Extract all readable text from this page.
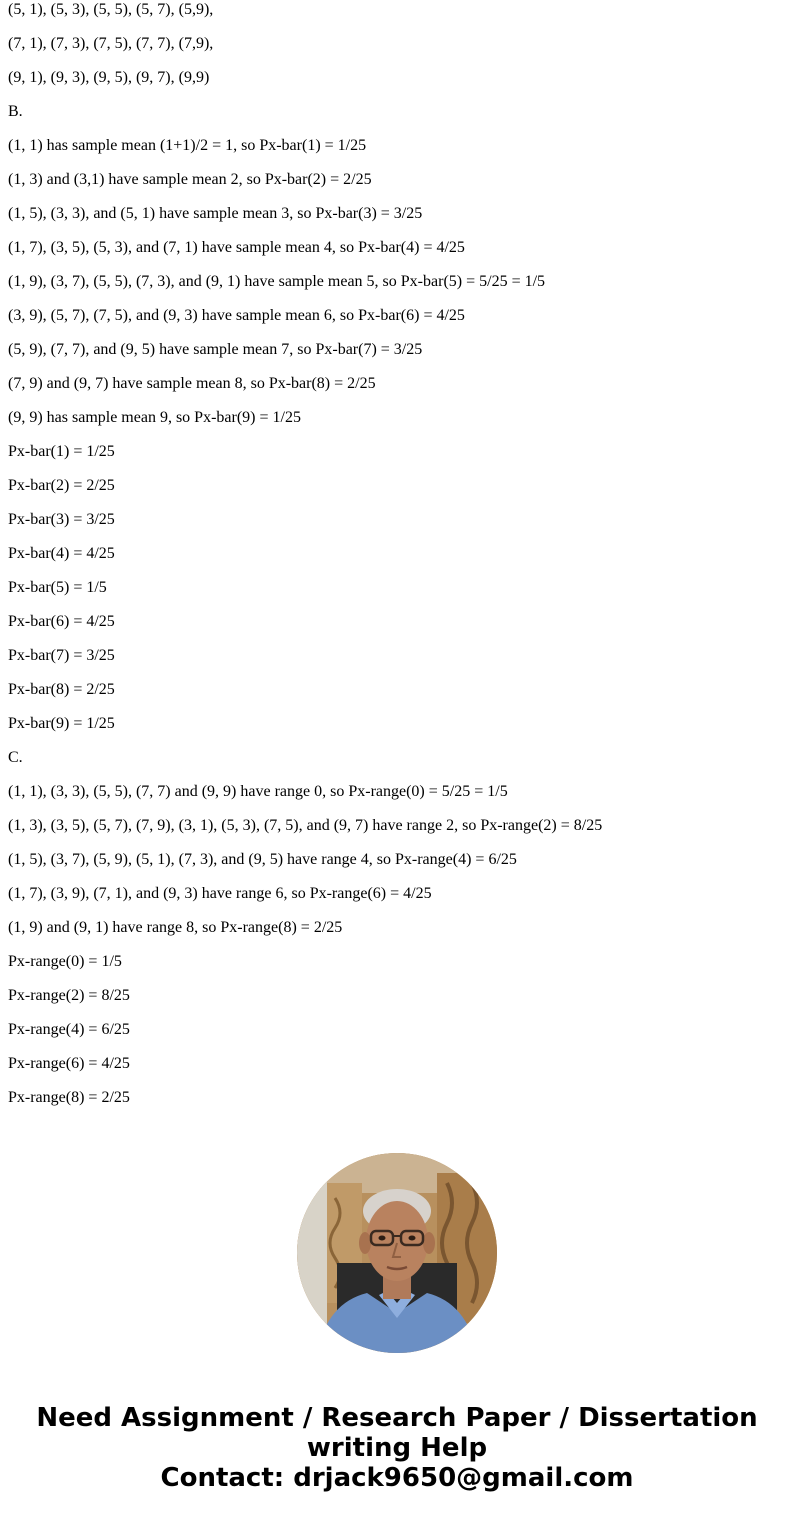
(5, 1), (5, 3), (5, 5), (5, 7), (5,9),
(7, 1), (7, 3), (7, 5), (7, 7), (7,9),
(9, 1), (9, 3), (9, 5), (9, 7), (9,9)
B.
(1, 1) has sample mean (1+1)/2 = 1, so Px-bar(1) = 1/25
(1, 3) and (3,1) have sample mean 2, so Px-bar(2) = 2/25
(1, 5), (3, 3), and (5, 1) have sample mean 3, so Px-bar(3) = 3/25
(1, 7), (3, 5), (5, 3), and (7, 1) have sample mean 4, so Px-bar(4) = 4/25
(1, 9), (3, 7), (5, 5), (7, 3), and (9, 1) have sample mean 5, so Px-bar(5) = 5/25 = 1/5
(3, 9), (5, 7), (7, 5), and (9, 3) have sample mean 6, so Px-bar(6) = 4/25
(5, 9), (7, 7), and (9, 5) have sample mean 7, so Px-bar(7) = 3/25
(7, 9) and (9, 7) have sample mean 8, so Px-bar(8) = 2/25
(9, 9) has sample mean 9, so Px-bar(9) = 1/25
Px-bar(1) = 1/25
Px-bar(2) = 2/25
Px-bar(3) = 3/25
Px-bar(4) = 4/25
Px-bar(5) = 1/5
Px-bar(6) = 4/25
Px-bar(7) = 3/25
Px-bar(8) = 2/25
Px-bar(9) = 1/25
C.
(1, 1), (3, 3), (5, 5), (7, 7) and (9, 9) have range 0, so Px-range(0) = 5/25 = 1/5
(1, 3), (3, 5), (5, 7), (7, 9), (3, 1), (5, 3), (7, 5), and (9, 7) have range 2, so Px-range(2) = 8/25
(1, 5), (3, 7), (5, 9), (5, 1), (7, 3), and (9, 5) have range 4, so Px-range(4) = 6/25
(1, 7), (3, 9), (7, 1), and (9, 3) have range 6, so Px-range(6) = 4/25
(1, 9) and (9, 1) have range 8, so Px-range(8) = 2/25
Px-range(0) = 1/5
Px-range(2) = 8/25
Px-range(4) = 6/25
Px-range(6) = 4/25
Px-range(8) = 2/25
Need Assignment / Research Paper / Dissertation
writing Help
Contact: drjack9650@gmail.com
